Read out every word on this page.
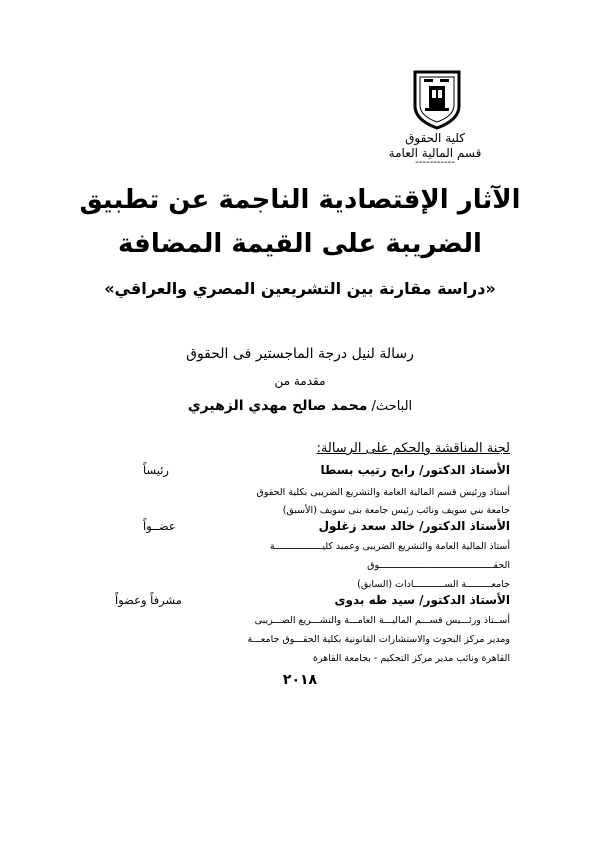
كلية الحقوق
قسم المالية العامة
-----------
الآثار الإقتصادية الناجمة عن تطبيق
الضريبة على القيمة المضافة
«دراسة مقارنة بين التشريعين المصري والعراقي»
رسالة لنيل درجة الماجستير فى الحقوق
مقدمة من
الباحث/ محمد صالح مهدي الزهيري
لجنة المناقشة والحكم على الرسالة:
الأستاذ الدكتور/ رابح رتيب بسطا
رئيساً
أستاذ ورئيس قسم المالية العامة والتشريع الضريبى بكلية الحقوق
جامعة بني سويف ونائب رئيس جامعة بنى سويف (الأسبق)
الأستاذ الدكتور/ خالد سعد زغلول
عضــواً
أستاذ المالية العامة والتشريع الضريبى وعميد كليـــــــــــــــــة
الحقـــــــــــــــــــــــــــــــــــــــــوق
جامعـــــــــة الســـــــــــادات (السابق)
الأستاذ الدكتور/ سيد طه بدوى
مشرفاً وعضواً
أســتاذ ورئـــيس قســـم الماليـــة العامـــة والتشـــريع الضـــريبى
ومدير مركز البحوث والاستشارات القانونية بكلية الحقـــوق جامعـــة
القاهرة ونائب مدير مركز التحكيم - بجامعة القاهرة
٢٠١٨
